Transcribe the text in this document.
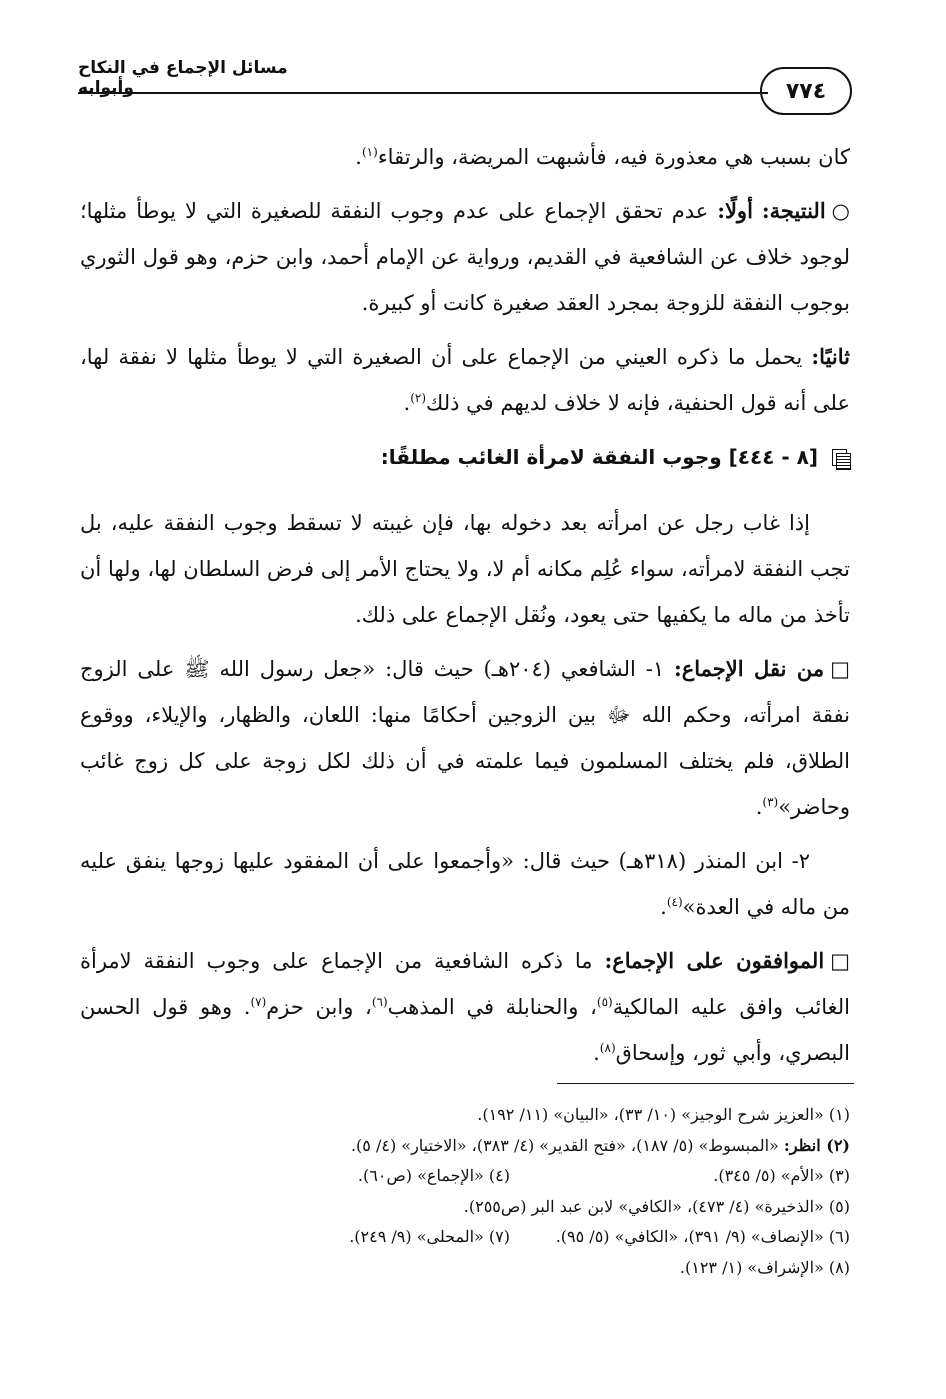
٧٧٤
مسائل الإجماع في النكاح وأبوابه

كان بسبب هي معذورة فيه، فأشبهت المريضة، والرتقاء$^{(١)}$.

○النتيجة: أولًا: عدم تحقق الإجماع على عدم وجوب النفقة للصغيرة التي لا يوطأ مثلها؛ لوجود خلاف عن الشافعية في القديم، ورواية عن الإمام أحمد، وابن حزم، وهو قول الثوري بوجوب النفقة للزوجة بمجرد العقد صغيرة كانت أو كبيرة.

ثانيًا: يحمل ما ذكره العيني من الإجماع على أن الصغيرة التي لا يوطأ مثلها لا نفقة لها، على أنه قول الحنفية، فإنه لا خلاف لديهم في ذلك$^{(٢)}$.

[٨ - ٤٤٤] وجوب النفقة لامرأة الغائب مطلقًا:

إذا غاب رجل عن امرأته بعد دخوله بها، فإن غيبته لا تسقط وجوب النفقة عليه، بل تجب النفقة لامرأته، سواء عُلِم مكانه أم لا، ولا يحتاج الأمر إلى فرض السلطان لها، ولها أن تأخذ من ماله ما يكفيها حتى يعود، ونُقل الإجماع على ذلك.

□من نقل الإجماع: ١- الشافعي (٢٠٤هـ) حيث قال: «جعل رسول الله ﷺ على الزوج نفقة امرأته، وحكم الله ﷻ بين الزوجين أحكامًا منها: اللعان، والظهار، والإيلاء، ووقوع الطلاق، فلم يختلف المسلمون فيما علمته في أن ذلك لكل زوجة على كل زوج غائب وحاضر»$^{(٣)}$.

٢- ابن المنذر (٣١٨هـ) حيث قال: «وأجمعوا على أن المفقود عليها زوجها ينفق عليه من ماله في العدة»$^{(٤)}$.

□الموافقون على الإجماع: ما ذكره الشافعية من الإجماع على وجوب النفقة لامرأة الغائب وافق عليه المالكية$^{(٥)}$، والحنابلة في المذهب$^{(٦)}$، وابن حزم$^{(٧)}$. وهو قول الحسن البصري، وأبي ثور، وإسحاق$^{(٨)}$.

(١) «العزيز شرح الوجيز» (١٠/ ٣٣)، «البيان» (١١/ ١٩٢).
(٢) انظر: «المبسوط» (٥/ ١٨٧)، «فتح القدير» (٤/ ٣٨٣)، «الاختيار» (٤/ ٥).
(٣) «الأم» (٥/ ٣٤٥).
(٤) «الإجماع» (ص٦٠).
(٥) «الذخيرة» (٤/ ٤٧٣)، «الكافي» لابن عبد البر (ص٢٥٥).
(٦) «الإنصاف» (٩/ ٣٩١)، «الكافي» (٥/ ٩٥).
(٧) «المحلى» (٩/ ٢٤٩).
(٨) «الإشراف» (١/ ١٢٣).
